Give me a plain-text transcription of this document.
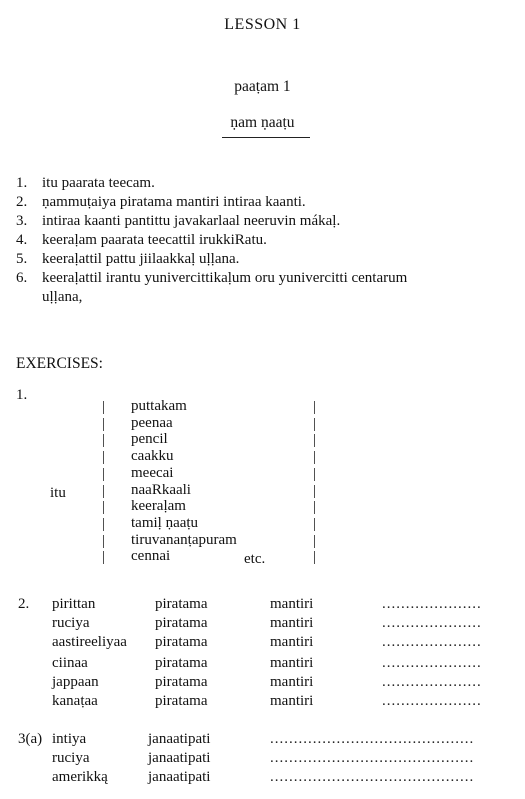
LESSON 1
paaṭam 1
ṇam ṇaaṭu
1. itu paarata teecam.
2. ṇammuṭaiya piratama mantiri intiraa kaanti.
3. intiraa kaanti pantittu javakarlaal neeruvin mákaḷ.
4. keeraḷam paarata teecattil irukkiRatu.
5. keeraḷattil pattu jiilaakkaḷ uḷḷana.
6. keeraḷattil irantu yunivercittikaḷum oru yunivercitti centarum
uḷḷana,
EXERCISES:
1.
itu
|
|
|
|
|
|
|
|
|
|
|
|
|
|
|
|
|
|
|
|
puttakam
peenaa
pencil
caakku
meecai
naaRkaali
keeraḷam
tamiḷ ṇaaṭu
tiruvananṭapuram
cennai	etc.
2. pirittan	piratama	mantiri	.....................
ruciya	piratama	mantiri	.....................
aastireeliyaa piratama	mantiri	.....................
ciinaa	piratama	mantiri	.....................
jappaan	piratama	mantiri	.....................
kanaṭaa	piratama	mantiri	.....................
3(a) intiya	janaatipati	...........................................
ruciya	janaatipati	...........................................
amerikką	janaatipati	...........................................
